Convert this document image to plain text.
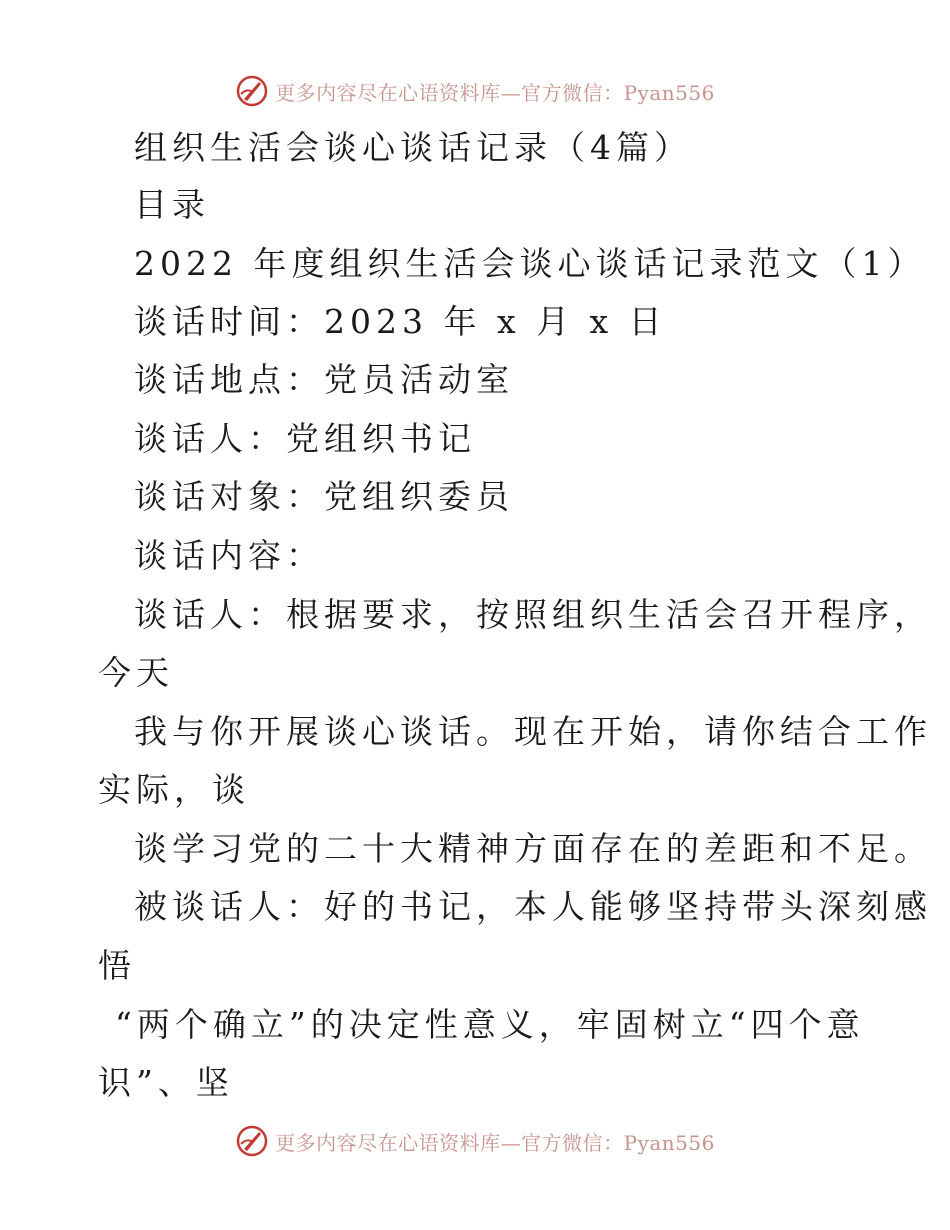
更多内容尽在心语资料库—官方微信：Pyan556
组织生活会谈心谈话记录（4篇）
目录
2022 年度组织生活会谈心谈话记录范文（1）
谈话时间：2023 年 x 月 x 日
谈话地点：党员活动室
谈话人：党组织书记
谈话对象：党组织委员
谈话内容：
谈话人：根据要求，按照组织生活会召开程序，
今天
我与你开展谈心谈话。现在开始，请你结合工作
实际，谈
谈学习党的二十大精神方面存在的差距和不足。
被谈话人：好的书记，本人能够坚持带头深刻感
悟
“两个确立”的决定性意义，牢固树立“四个意
识”、坚
更多内容尽在心语资料库—官方微信：Pyan556
